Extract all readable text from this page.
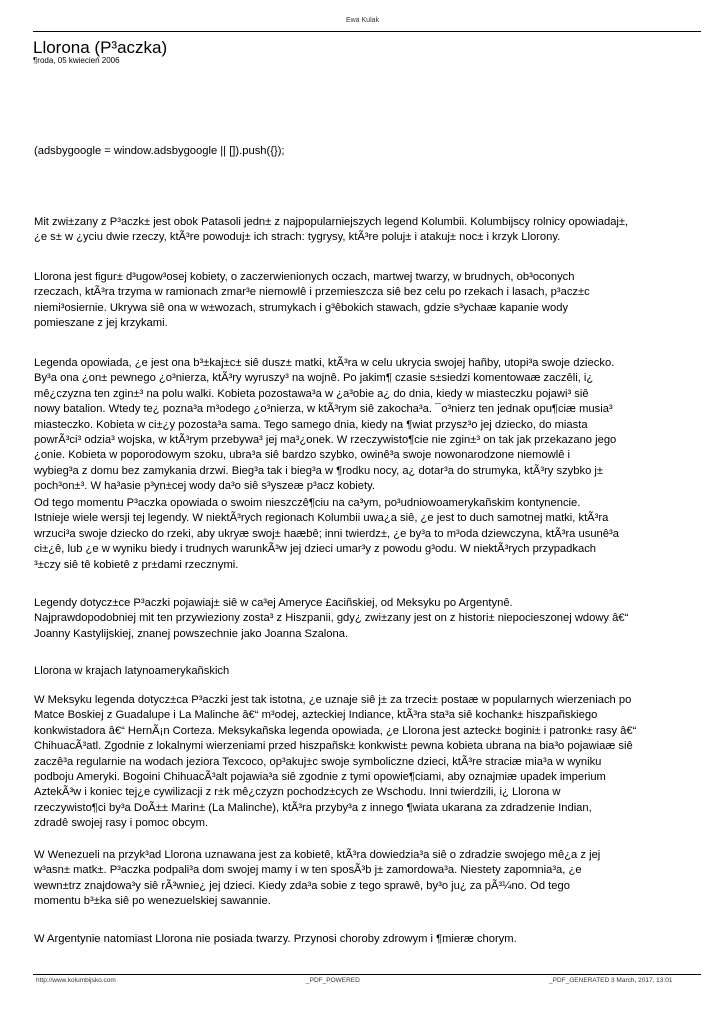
Ewa Kulak
Llorona (P³aczka)
¶roda, 05 kwiecień 2006
(adsbygoogle = window.adsbygoogle || []).push({});
Mit zwi±zany z P³aczk± jest obok Patasoli jedn± z najpopularniejszych legend Kolumbii. Kolumbijscy rolnicy opowiadaj±,
¿e s± w ¿yciu dwie rzeczy, ktÃ³re powoduj± ich strach: tygrysy, ktÃ³re poluj± i atakuj± noc± i krzyk Llorony.
Llorona jest figur± d³ugow³osej kobiety, o zaczerwienionych oczach, martwej twarzy, w brudnych, ob³oconych
rzeczach, ktÃ³ra trzyma w ramionach zmar³e niemowlê i przemieszcza siê bez celu po rzekach i lasach, p³acz±c
niemi³osiernie. Ukrywa siê ona w w±wozach, strumykach i g³êbokich stawach, gdzie s³ychaæ kapanie wody
pomieszane z jej krzykami.
Legenda opowiada, ¿e jest ona b³±kaj±c± siê dusz± matki, ktÃ³ra w celu ukrycia swojej hañby, utopi³a swoje dziecko.
By³a ona ¿on± pewnego ¿o³nierza, ktÃ³ry wyruszy³ na wojnê. Po jakim¶ czasie s±siedzi komentowaæ zaczêli, i¿
mê¿czyzna ten zgin±³ na polu walki. Kobieta pozostawa³a w ¿a³obie a¿ do dnia, kiedy w miasteczku pojawi³ siê
nowy batalion. Wtedy te¿ pozna³a m³odego ¿o³nierza, w ktÃ³rym siê zakocha³a. ¯o³nierz ten jednak opu¶ciæ musia³
miasteczko. Kobieta w ci±¿y pozosta³a sama. Tego samego dnia, kiedy na ¶wiat przysz³o jej dziecko, do miasta
powrÃ³ci³ odzia³ wojska, w ktÃ³rym przebywa³ jej ma³¿onek. W rzeczywisto¶cie nie zgin±³ on tak jak przekazano jego
¿onie. Kobieta w poporodowym szoku, ubra³a siê bardzo szybko, owinê³a swoje nowonarodzone niemowlê i
wybieg³a z domu bez zamykania drzwi. Bieg³a tak i bieg³a w ¶rodku nocy, a¿ dotar³a do strumyka, ktÃ³ry szybko j±
poch³on±³. W ha³asie p³yn±cej wody da³o siê s³yszeæ p³acz kobiety.
Od tego momentu P³aczka opowiada o swoim nieszczê¶ciu na ca³ym, po³udniowoamerykañskim kontynencie.
Istnieje wiele wersji tej legendy. W niektÃ³rych regionach Kolumbii uwa¿a siê, ¿e jest to duch samotnej matki, ktÃ³ra
wrzuci³a swoje dziecko do rzeki, aby ukryæ swoj± haæbê; inni twierdz±, ¿e by³a to m³oda dziewczyna, ktÃ³ra usunê³a
ci±¿ê, lub ¿e w wyniku biedy i trudnych warunkÃ³w jej dzieci umar³y z powodu g³odu. W niektÃ³rych przypadkach
³±czy siê tê kobietê z pr±dami rzecznymi.
Legendy dotycz±ce P³aczki pojawiaj± siê w ca³ej Ameryce £aciñskiej, od Meksyku po Argentynê.
Najprawdopodobniej mit ten przywieziony zosta³ z Hiszpanii, gdy¿ zwi±zany jest on z histori± niepocieszonej wdowy â€“
Joanny Kastylijskiej, znanej powszechnie jako Joanna Szalona.
Llorona w krajach latynoamerykañskich
W Meksyku legenda dotycz±ca P³aczki jest tak istotna, ¿e uznaje siê j± za trzeci± postaæ w popularnych wierzeniach po
Matce Boskiej z Guadalupe i La Malinche â€“ m³odej, azteckiej Indiance, ktÃ³ra sta³a siê kochank± hiszpañskiego
konkwistadora â€“ HernÃ¡n Corteza. Meksykañska legenda opowiada, ¿e Llorona jest azteck± bogini± i patronk± rasy â€“
ChihuacÃ³atl. Zgodnie z lokalnymi wierzeniami przed hiszpañsk± konkwist± pewna kobieta ubrana na bia³o pojawiaæ siê
zaczê³a regularnie na wodach jeziora Texcoco, op³akuj±c swoje symboliczne dzieci, ktÃ³re straciæ mia³a w wyniku
podboju Ameryki. Bogoini ChihuacÃ³alt pojawia³a siê zgodnie z tymi opowie¶ciami, aby oznajmiæ upadek imperium
AztekÃ³w i koniec tej¿e cywilizacji z r±k mê¿czyzn pochodz±cych ze Wschodu. Inni twierdzili, i¿ Llorona w
rzeczywisto¶ci by³a DoÃ±± Marin± (La Malinche), ktÃ³ra przyby³a z innego ¶wiata ukarana za zdradzenie Indian,
zdradê swojej rasy i pomoc obcym.
W Wenezueli na przyk³ad Llorona uznawana jest za kobietê, ktÃ³ra dowiedzia³a siê o zdradzie swojego mê¿a z jej
w³asn± matk±. P³aczka podpali³a dom swojej mamy i w ten sposÃ³b j± zamordowa³a. Niestety zapomnia³a, ¿e
wewn±trz znajdowa³y siê rÃ³wnie¿ jej dzieci. Kiedy zda³a sobie z tego sprawê, by³o ju¿ za pÃ³¼no. Od tego
momentu b³±ka siê po wenezuelskiej sawannie.
W Argentynie natomiast Llorona nie posiada twarzy. Przynosi choroby zdrowym i ¶mieræ chorym.
http://www.kolumbijsko.com	_PDF_POWERED	_PDF_GENERATED 3 March, 2017, 13:01
